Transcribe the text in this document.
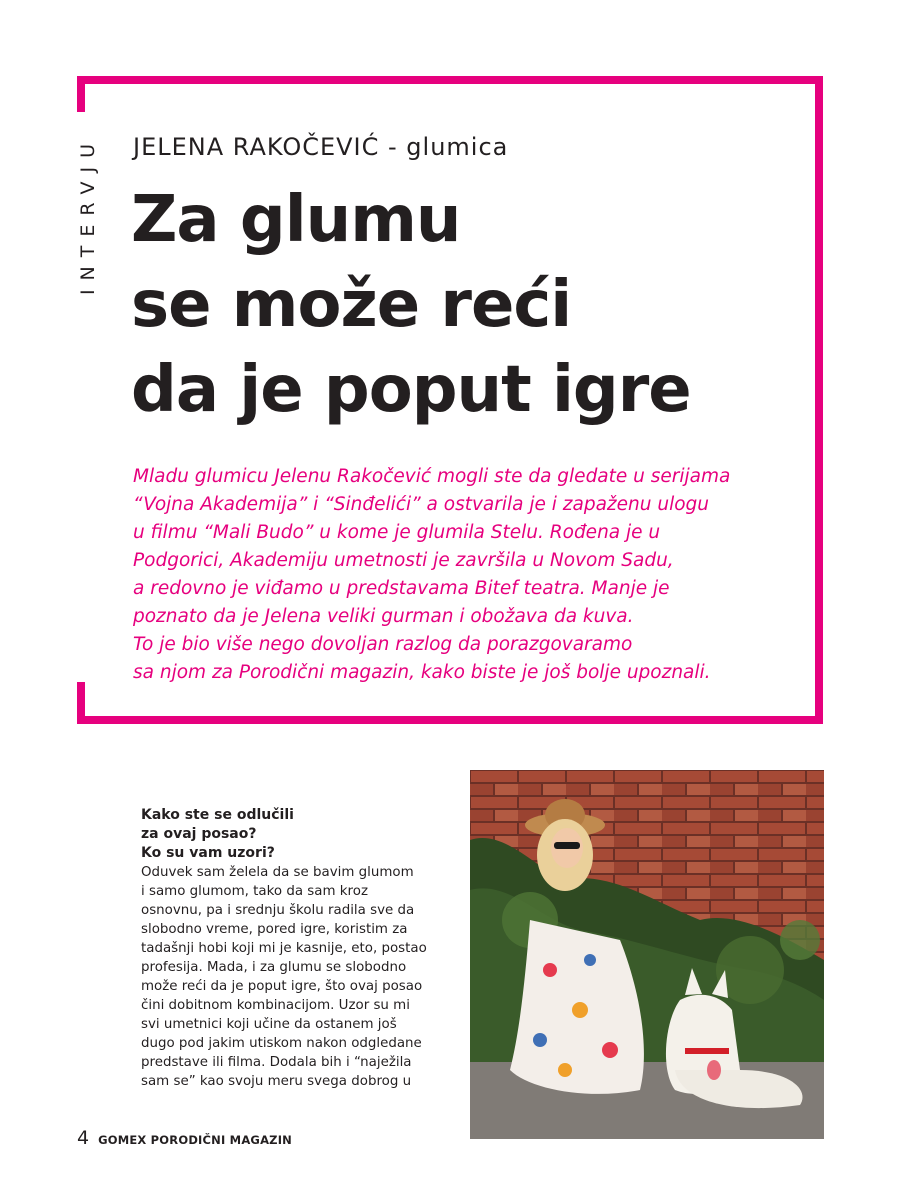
INTERVJU JELENA RAKOČEVIĆ - glumica
Za glumu
se može reći
da je poput igre

Mladu glumicu Jelenu Rakočević mogli ste da gledate u serijama
“Vojna Akademija” i “Sinđelići” a ostvarila je i zapaženu ulogu
u filmu “Mali Budo” u kome je glumila Stelu. Rođena je u
Podgorici, Akademiju umetnosti je završila u Novom Sadu,
a redovno je viđamo u predstavama Bitef teatra. Manje je
poznato da je Jelena veliki gurman i obožava da kuva.
To je bio više nego dovoljan razlog da porazgovaramo
sa njom za Porodični magazin, kako biste je još bolje upoznali.

Kako ste se odlučili
za ovaj posao?
Ko su vam uzori?
Oduvek sam želela da se bavim glumom
i samo glumom, tako da sam kroz
osnovnu, pa i srednju školu radila sve da
slobodno vreme, pored igre, koristim za
tadašnji hobi koji mi je kasnije, eto, postao
profesija. Mada, i za glumu se slobodno
može reći da je poput igre, što ovaj posao
čini dobitnom kombinacijom. Uzor su mi
svi umetnici koji učine da ostanem još
dugo pod jakim utiskom nakon odgledane
predstave ili filma. Dodala bih i “naježila
sam se” kao svoju meru svega dobrog u
4 GOMEX PORODIČNI MAGAZIN
